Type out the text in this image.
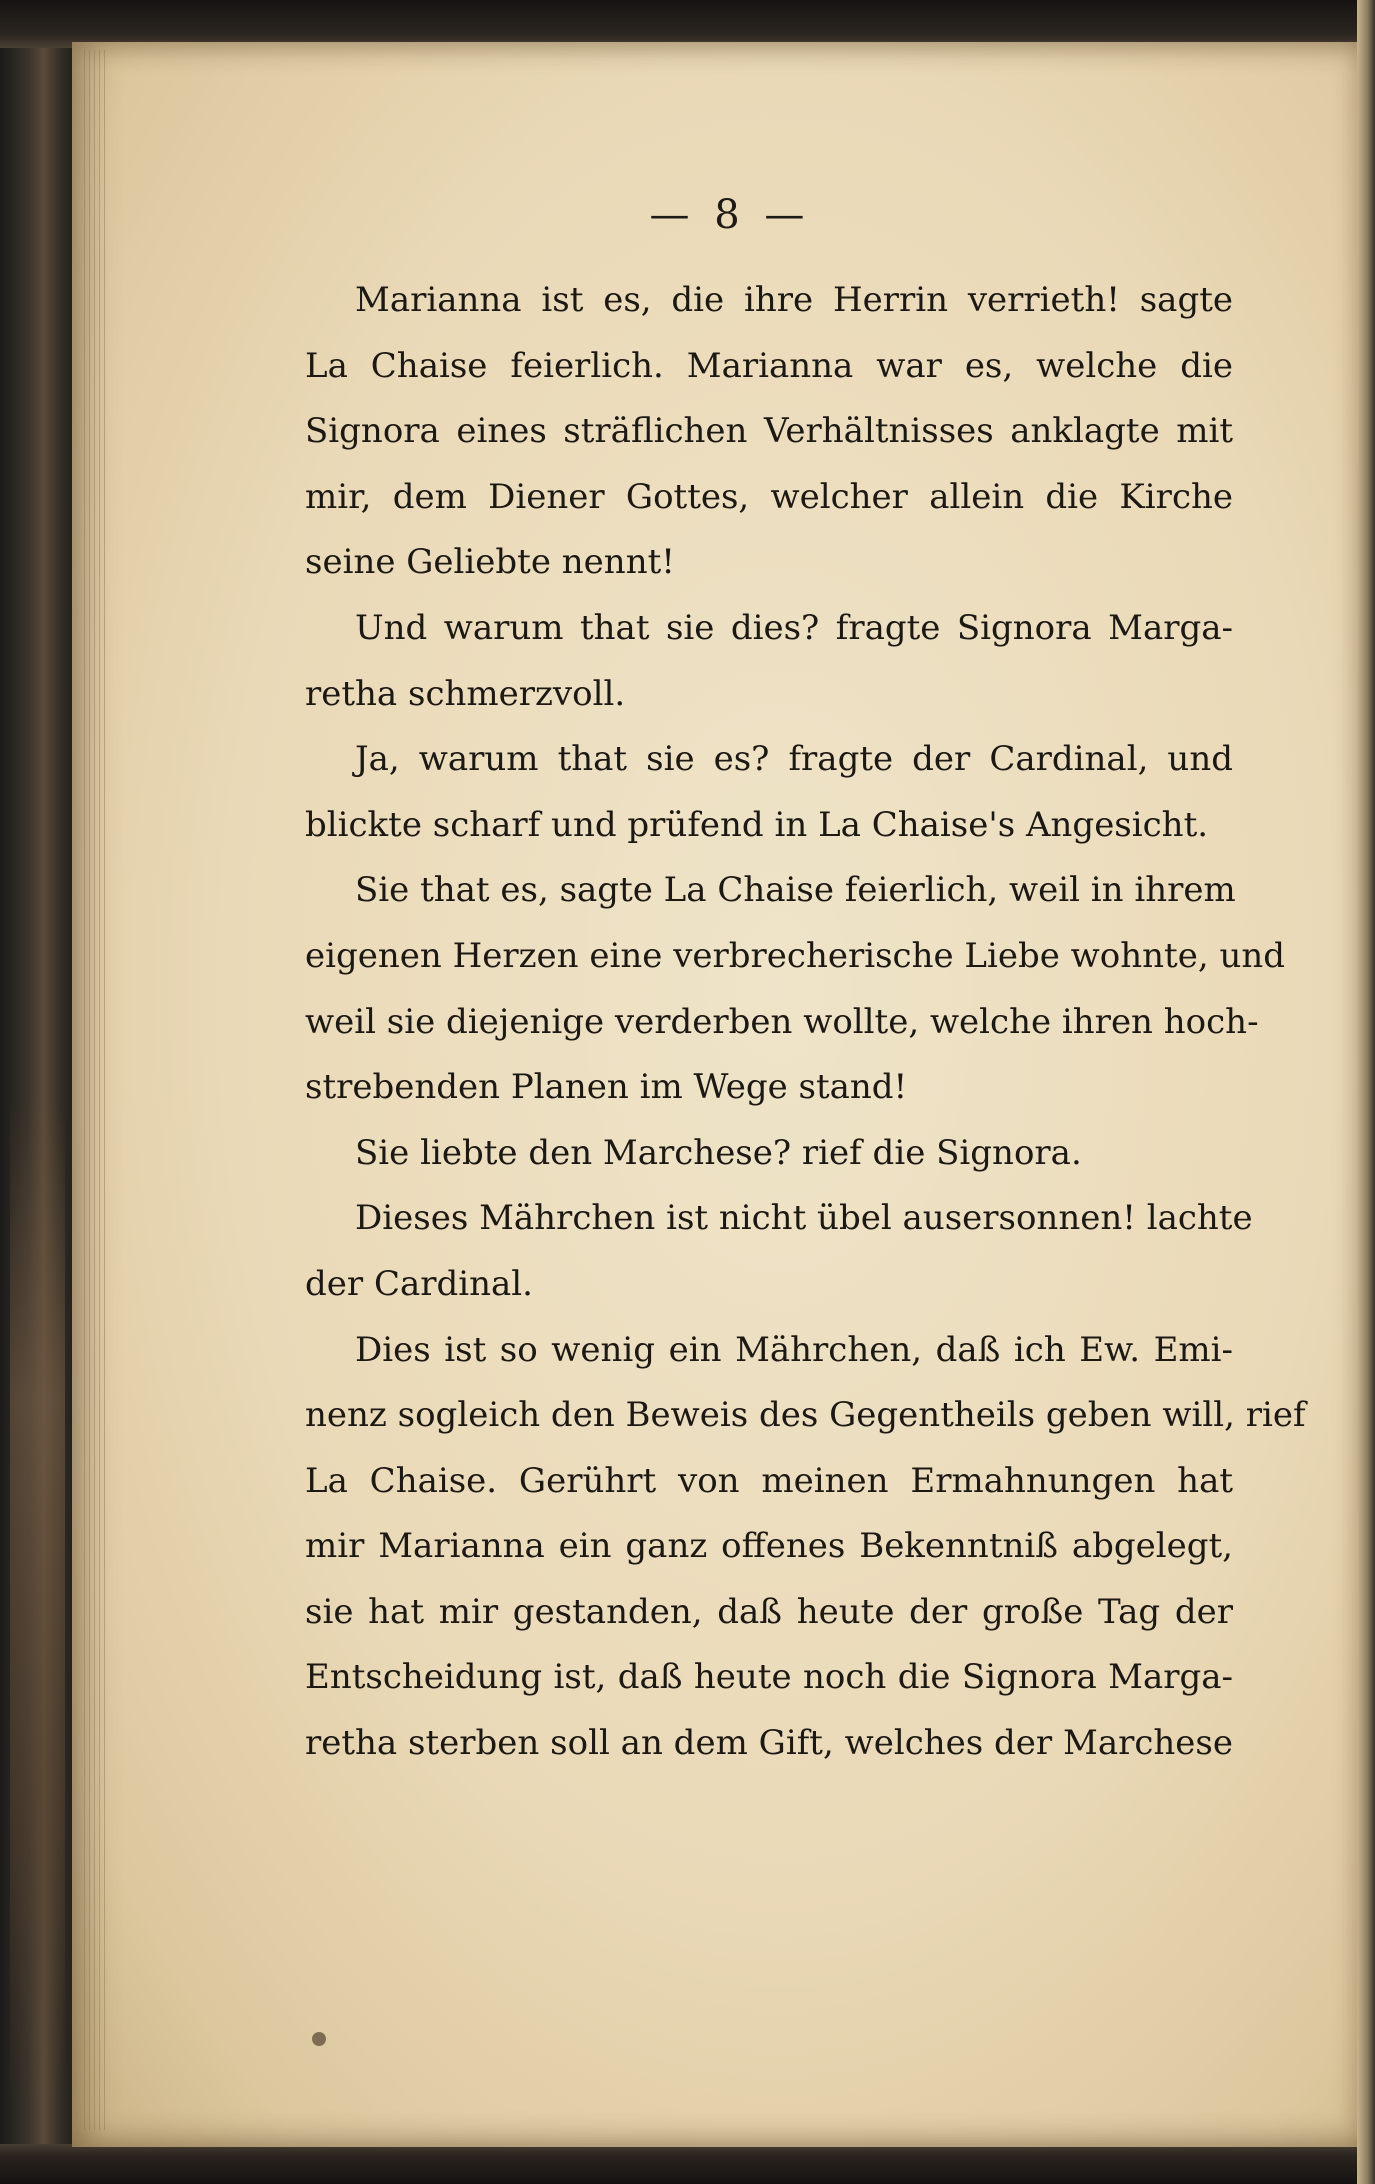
— 8 —
Marianna ist es, die ihre Herrin verrieth! sagte
La Chaise feierlich. Marianna war es, welche die
Signora eines sträflichen Verhältnisses anklagte mit
mir, dem Diener Gottes, welcher allein die Kirche
seine Geliebte nennt!
Und warum that sie dies? fragte Signora Marga-
retha schmerzvoll.
Ja, warum that sie es? fragte der Cardinal, und
blickte scharf und prüfend in La Chaise's Angesicht.
Sie that es, sagte La Chaise feierlich, weil in ihrem
eigenen Herzen eine verbrecherische Liebe wohnte, und
weil sie diejenige verderben wollte, welche ihren hoch-
strebenden Planen im Wege stand!
Sie liebte den Marchese? rief die Signora.
Dieses Mährchen ist nicht übel ausersonnen! lachte
der Cardinal.
Dies ist so wenig ein Mährchen, daß ich Ew. Emi-
nenz sogleich den Beweis des Gegentheils geben will, rief
La Chaise. Gerührt von meinen Ermahnungen hat
mir Marianna ein ganz offenes Bekenntniß abgelegt,
sie hat mir gestanden, daß heute der große Tag der
Entscheidung ist, daß heute noch die Signora Marga-
retha sterben soll an dem Gift, welches der Marchese
